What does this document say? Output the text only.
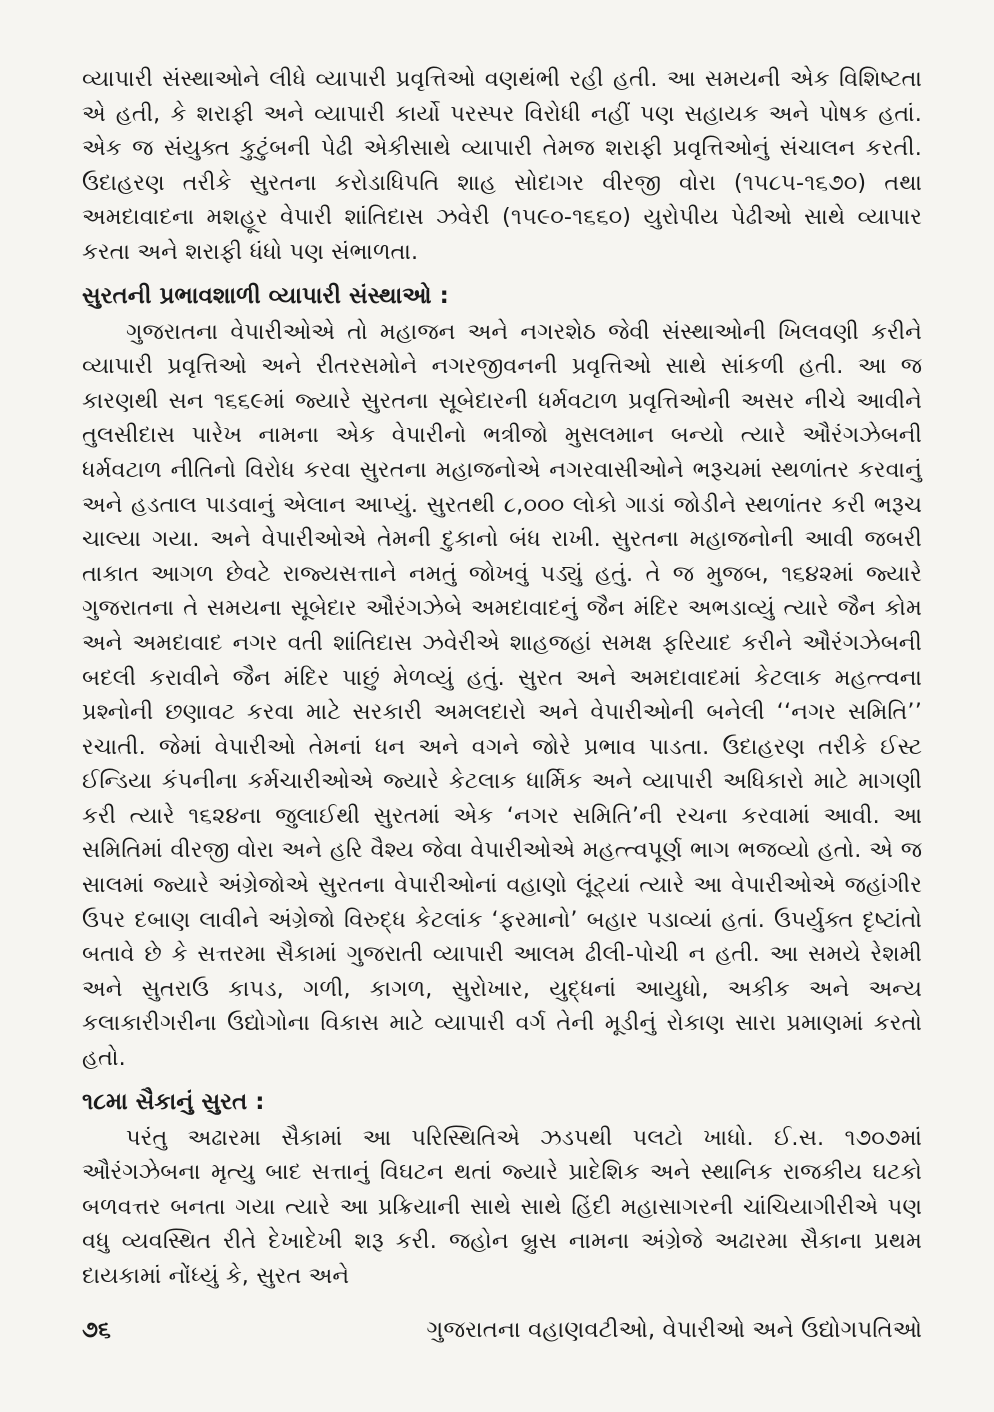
વ્યાપારી સંસ્થાઓને લીધે વ્યાપારી પ્રવૃત્તિઓ વણથંભી રહી હતી. આ સમયની એક વિશિષ્ટતા એ હતી, કે શરાફી અને વ્યાપારી કાર્યો પરસ્પર વિરોધી નહીં પણ સહાયક અને પોષક હતાં. એક જ સંયુક્ત કુટુંબની પેઢી એકીસાથે વ્યાપારી તેમજ શરાફી પ્રવૃત્તિઓનું સંચાલન કરતી. ઉદાહરણ તરીકે સુરતના કરોડાધિપતિ શાહ સોદાગર વીરજી વોરા (૧૫૮૫-૧૬૭૦) તથા અમદાવાદના મશહૂર વેપારી શાંતિદાસ ઝવેરી (૧૫૯૦-૧૬૬૦) યુરોપીય પેઢીઓ સાથે વ્યાપાર કરતા અને શરાફી ધંધો પણ સંભાળતા.

સુરતની પ્રભાવશાળી વ્યાપારી સંસ્થાઓ :

ગુજરાતના વેપારીઓએ તો મહાજન અને નગરશેઠ જેવી સંસ્થાઓની ખિલવણી કરીને વ્યાપારી પ્રવૃત્તિઓ અને રીતરસમોને નગરજીવનની પ્રવૃત્તિઓ સાથે સાંકળી હતી. આ જ કારણથી સન ૧૬૬૯માં જ્યારે સુરતના સૂબેદારની ધર્મવટાળ પ્રવૃત્તિઓની અસર નીચે આવીને તુલસીદાસ પારેખ નામના એક વેપારીનો ભત્રીજો મુસલમાન બન્યો ત્યારે ઔરંગઝેબની ધર્મવટાળ નીતિનો વિરોધ કરવા સુરતના મહાજનોએ નગરવાસીઓને ભરૂચમાં સ્થળાંતર કરવાનું અને હડતાલ પાડવાનું એલાન આપ્યું. સુરતથી ૮,૦૦૦ લોકો ગાડાં જોડીને સ્થળાંતર કરી ભરૂચ ચાલ્યા ગયા. અને વેપારીઓએ તેમની દુકાનો બંધ રાખી. સુરતના મહાજનોની આવી જબરી તાકાત આગળ છેવટે રાજ્યસત્તાને નમતું જોખવું પડ્યું હતું. તે જ મુજબ, ૧૬૪૨માં જ્યારે ગુજરાતના તે સમયના સૂબેદાર ઔરંગઝેબે અમદાવાદનું જૈન મંદિર અભડાવ્યું ત્યારે જૈન કોમ અને અમદાવાદ નગર વતી શાંતિદાસ ઝવેરીએ શાહજહાં સમક્ષ ફરિયાદ કરીને ઔરંગઝેબની બદલી કરાવીને જૈન મંદિર પાછું મેળવ્યું હતું. સુરત અને અમદાવાદમાં કેટલાક મહત્ત્વના પ્રશ્નોની છણાવટ કરવા માટે સરકારી અમલદારો અને વેપારીઓની બનેલી ‘‘નગર સમિતિ’’ રચાતી. જેમાં વેપારીઓ તેમનાં ધન અને વગને જોરે પ્રભાવ પાડતા. ઉદાહરણ તરીકે ઈસ્ટ ઈન્ડિયા કંપનીના કર્મચારીઓએ જ્યારે કેટલાક ધાર્મિક અને વ્યાપારી અધિકારો માટે માગણી કરી ત્યારે ૧૬૨૪ના જુલાઈથી સુરતમાં એક ‘નગર સમિતિ’ની રચના કરવામાં આવી. આ સમિતિમાં વીરજી વોરા અને હરિ વૈશ્ય જેવા વેપારીઓએ મહત્ત્વપૂર્ણ ભાગ ભજવ્યો હતો. એ જ સાલમાં જ્યારે અંગ્રેજોએ સુરતના વેપારીઓનાં વહાણો લૂંટ્યાં ત્યારે આ વેપારીઓએ જહાંગીર ઉપર દબાણ લાવીને અંગ્રેજો વિરુદ્ધ કેટલાંક ‘ફરમાનો’ બહાર પડાવ્યાં હતાં. ઉપર્યુક્ત દૃષ્ટાંતો બતાવે છે કે સત્તરમા સૈકામાં ગુજરાતી વ્યાપારી આલમ ઢીલી-પોચી ન હતી. આ સમયે રેશમી અને સુતરાઉ કાપડ, ગળી, કાગળ, સુરોખાર, યુદ્ધનાં આયુધો, અકીક અને અન્ય કલાકારીગરીના ઉદ્યોગોના વિકાસ માટે વ્યાપારી વર્ગ તેની મૂડીનું રોકાણ સારા પ્રમાણમાં કરતો હતો.

૧૮મા સૈકાનું સુરત :

પરંતુ અઢારમા સૈકામાં આ પરિસ્થિતિએ ઝડપથી પલટો ખાધો. ઈ.સ. ૧૭૦૭માં ઔરંગઝેબના મૃત્યુ બાદ સત્તાનું વિઘટન થતાં જ્યારે પ્રાદેશિક અને સ્થાનિક રાજકીય ઘટકો બળવત્તર બનતા ગયા ત્યારે આ પ્રક્રિયાની સાથે સાથે હિંદી મહાસાગરની ચાંચિયાગીરીએ પણ વધુ વ્યવસ્થિત રીતે દેખાદેખી શરૂ કરી. જહોન બ્રુસ નામના અંગ્રેજે અઢારમા સૈકાના પ્રથમ દાયકામાં નોંધ્યું કે, સુરત અને

૭૬	ગુજરાતના વહાણવટીઓ, વેપારીઓ અને ઉદ્યોગપતિઓ
